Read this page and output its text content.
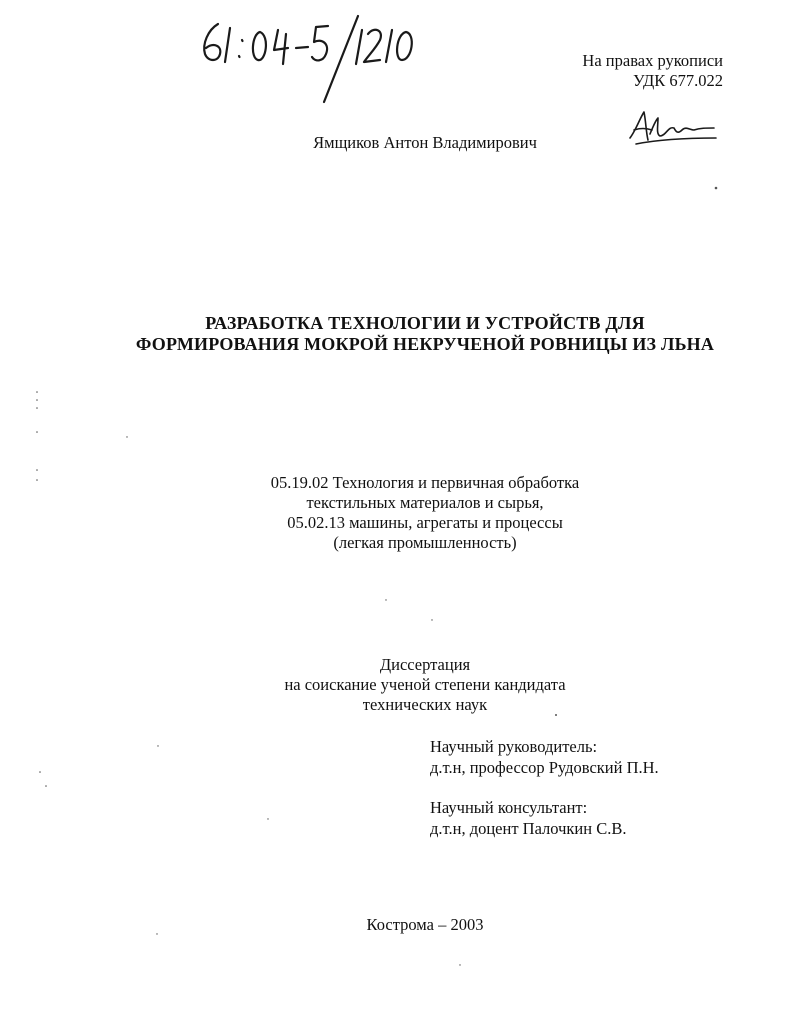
На правах рукописи
УДК 677.022
Ямщиков Антон Владимирович
РАЗРАБОТКА ТЕХНОЛОГИИ И УСТРОЙСТВ ДЛЯ
ФОРМИРОВАНИЯ МОКРОЙ НЕКРУЧЕНОЙ РОВНИЦЫ ИЗ ЛЬНА
05.19.02 Технология и первичная обработка
текстильных материалов и сырья,
05.02.13 машины, агрегаты и процессы
(легкая промышленность)
Диссертация
на соискание ученой степени кандидата
технических наук
Научный руководитель:
д.т.н, профессор Рудовский П.Н.
Научный консультант:
д.т.н, доцент Палочкин С.В.
Кострома – 2003
